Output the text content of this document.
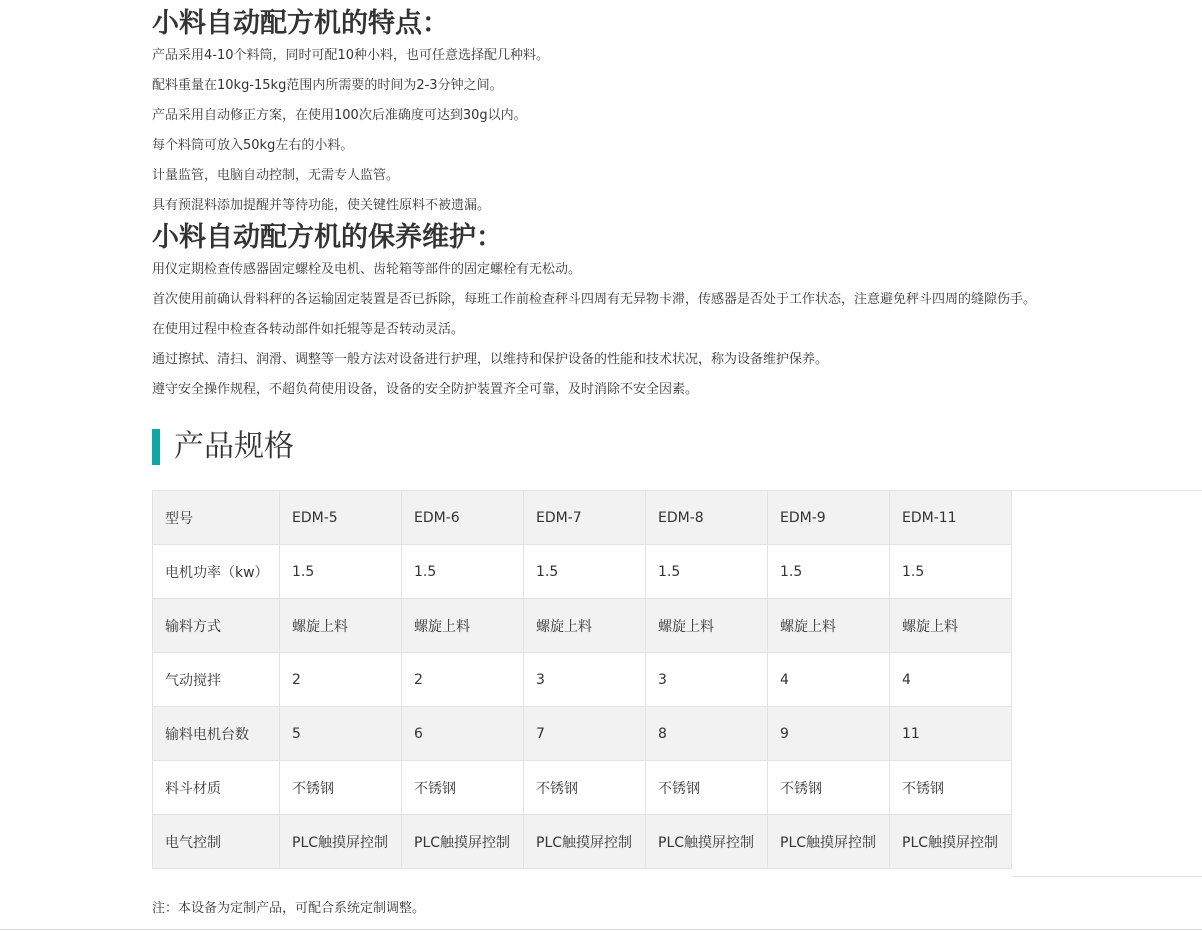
小料自动配方机的特点：

产品采用4-10个料筒，同时可配10种小料，也可任意选择配几种料。

配料重量在10kg-15kg范围内所需要的时间为2-3分钟之间。

产品采用自动修正方案，在使用100次后准确度可达到30g以内。

每个料筒可放入50kg左右的小料。

计量监管，电脑自动控制，无需专人监管。

具有预混料添加提醒并等待功能，使关键性原料不被遗漏。

小料自动配方机的保养维护：

用仪定期检查传感器固定螺栓及电机、齿轮箱等部件的固定螺栓有无松动。

首次使用前确认骨料秤的各运输固定装置是否已拆除，每班工作前检查秤斗四周有无异物卡滞，传感器是否处于工作状态，注意避免秤斗四周的缝隙伤手。

在使用过程中检查各转动部件如托辊等是否转动灵活。

通过擦拭、清扫、润滑、调整等一般方法对设备进行护理，以维持和保护设备的性能和技术状况，称为设备维护保养。

遵守安全操作规程，不超负荷使用设备，设备的安全防护装置齐全可靠，及时消除不安全因素。

产品规格
型号	EDM-5	EDM-6	EDM-7	EDM-8	EDM-9	EDM-11
电机功率（kw）	1.5	1.5	1.5	1.5	1.5	1.5
输料方式	螺旋上料	螺旋上料	螺旋上料	螺旋上料	螺旋上料	螺旋上料
气动搅拌	2	2	3	3	4	4
输料电机台数	5	6	7	8	9	11
料斗材质	不锈钢	不锈钢	不锈钢	不锈钢	不锈钢	不锈钢
电气控制	PLC触摸屏控制	PLC触摸屏控制	PLC触摸屏控制	PLC触摸屏控制	PLC触摸屏控制	PLC触摸屏控制
注：本设备为定制产品，可配合系统定制调整。
